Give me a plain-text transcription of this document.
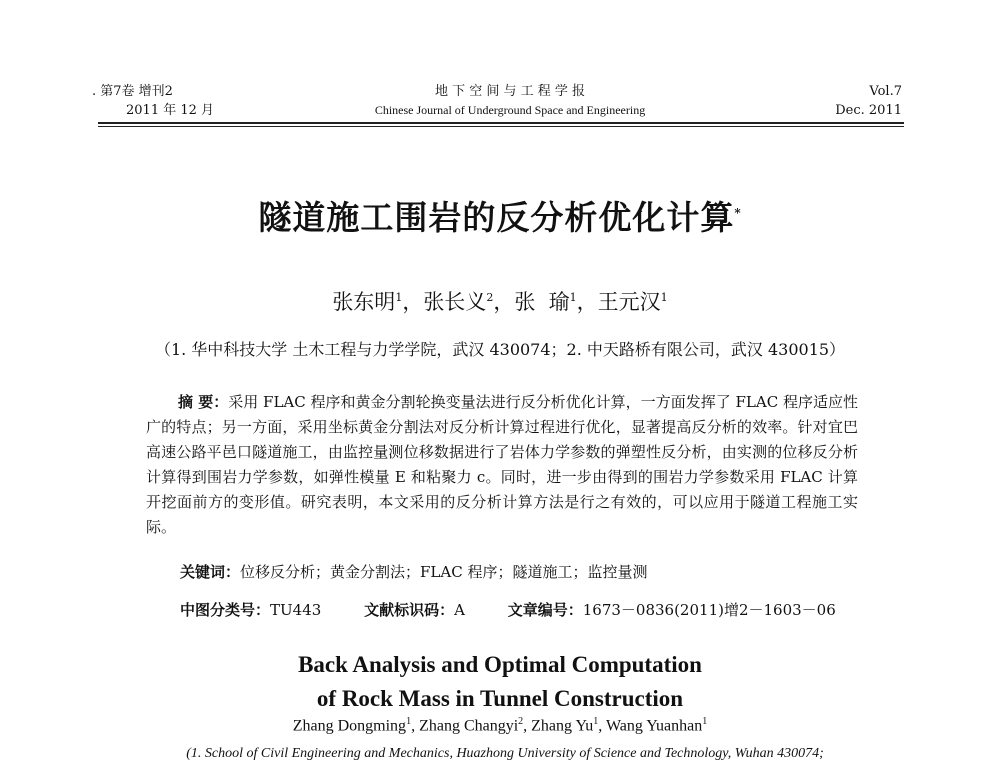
. 第7卷 增刊2
2011 年 12 月
地 下 空 间 与 工 程 学 报
Chinese Journal of Underground Space and Engineering
Vol.7
Dec. 2011
隧道施工围岩的反分析优化计算*
张东明$^1$，张长义$^2$，张  瑜$^1$，王元汉$^1$
（1. 华中科技大学 土木工程与力学学院，武汉 430074；2. 中天路桥有限公司，武汉 430015）
摘 要：采用 FLAC 程序和黄金分割轮换变量法进行反分析优化计算，一方面发挥了 FLAC 程序适应性广的特点；另一方面，采用坐标黄金分割法对反分析计算过程进行优化，显著提高反分析的效率。针对宜巴高速公路平邑口隧道施工，由监控量测位移数据进行了岩体力学参数的弹塑性反分析，由实测的位移反分析计算得到围岩力学参数，如弹性模量 E 和粘聚力 c。同时，进一步由得到的围岩力学参数采用 FLAC 计算开挖面前方的变形值。研究表明，本文采用的反分析计算方法是行之有效的，可以应用于隧道工程施工实际。
关键词：位移反分析；黄金分割法；FLAC 程序；隧道施工；监控量测
中图分类号：TU443	文献标识码：A	文章编号：1673－0836(2011)增2－1603－06
Back Analysis and Optimal Computation
of Rock Mass in Tunnel Construction
Zhang Dongming$^1$, Zhang Changyi$^2$, Zhang Yu$^1$, Wang Yuanhan$^1$
(1. School of Civil Engineering and Mechanics, Huazhong University of Science and Technology, Wuhan 430074;
